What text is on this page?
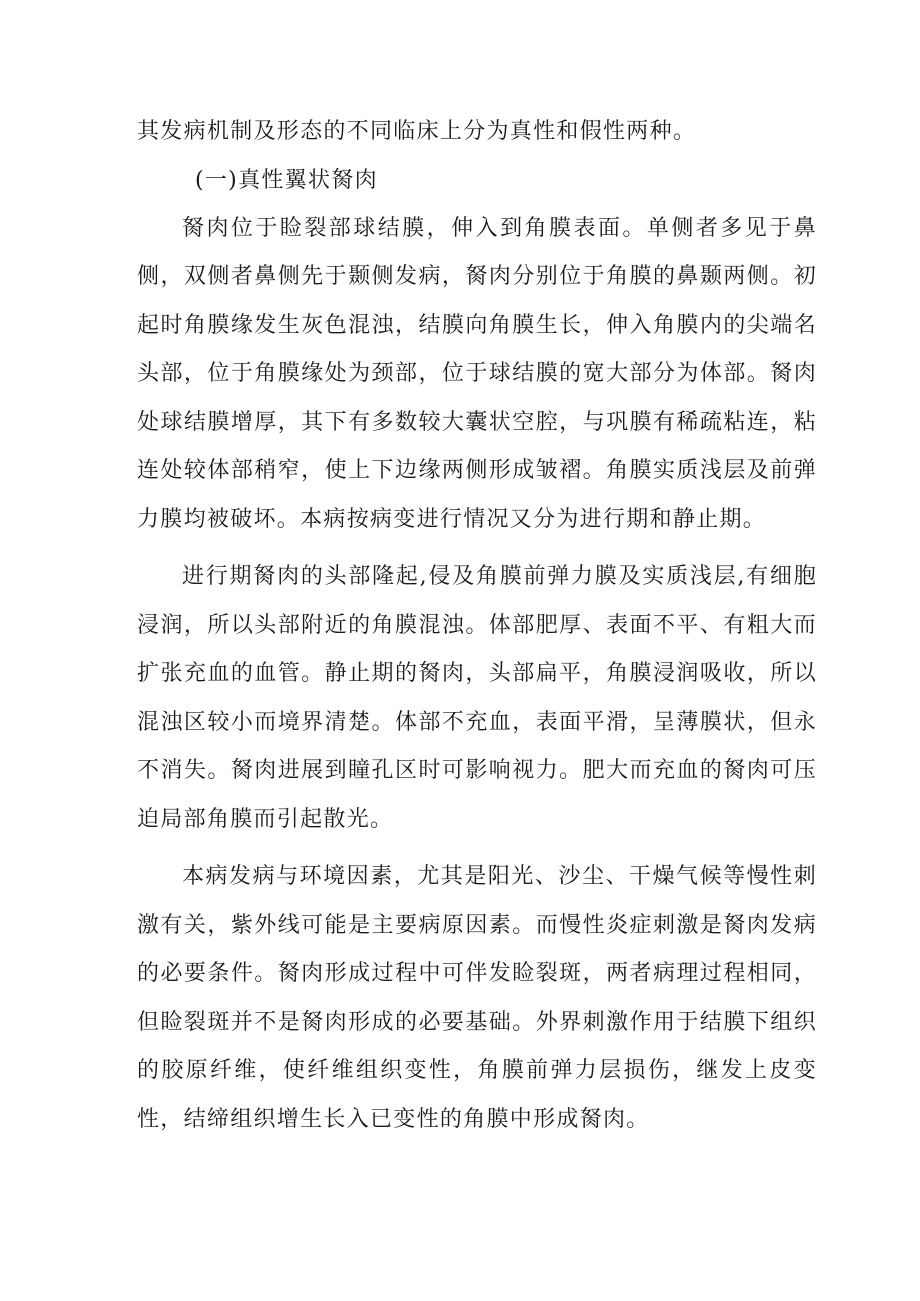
其发病机制及形态的不同临床上分为真性和假性两种。

(一)真性翼状胬肉

胬肉位于睑裂部球结膜，伸入到角膜表面。单侧者多见于鼻侧，双侧者鼻侧先于颞侧发病，胬肉分别位于角膜的鼻颞两侧。初起时角膜缘发生灰色混浊，结膜向角膜生长，伸入角膜内的尖端名头部，位于角膜缘处为颈部，位于球结膜的宽大部分为体部。胬肉处球结膜增厚，其下有多数较大囊状空腔，与巩膜有稀疏粘连，粘连处较体部稍窄，使上下边缘两侧形成皱褶。角膜实质浅层及前弹力膜均被破坏。本病按病变进行情况又分为进行期和静止期。

进行期胬肉的头部隆起,侵及角膜前弹力膜及实质浅层,有细胞浸润，所以头部附近的角膜混浊。体部肥厚、表面不平、有粗大而扩张充血的血管。静止期的胬肉，头部扁平，角膜浸润吸收，所以混浊区较小而境界清楚。体部不充血，表面平滑，呈薄膜状，但永不消失。胬肉进展到瞳孔区时可影响视力。肥大而充血的胬肉可压迫局部角膜而引起散光。

本病发病与环境因素，尤其是阳光、沙尘、干燥气候等慢性刺激有关，紫外线可能是主要病原因素。而慢性炎症刺激是胬肉发病的必要条件。胬肉形成过程中可伴发睑裂斑，两者病理过程相同，但睑裂斑并不是胬肉形成的必要基础。外界刺激作用于结膜下组织的胶原纤维，使纤维组织变性，角膜前弹力层损伤，继发上皮变性，结缔组织增生长入已变性的角膜中形成胬肉。
